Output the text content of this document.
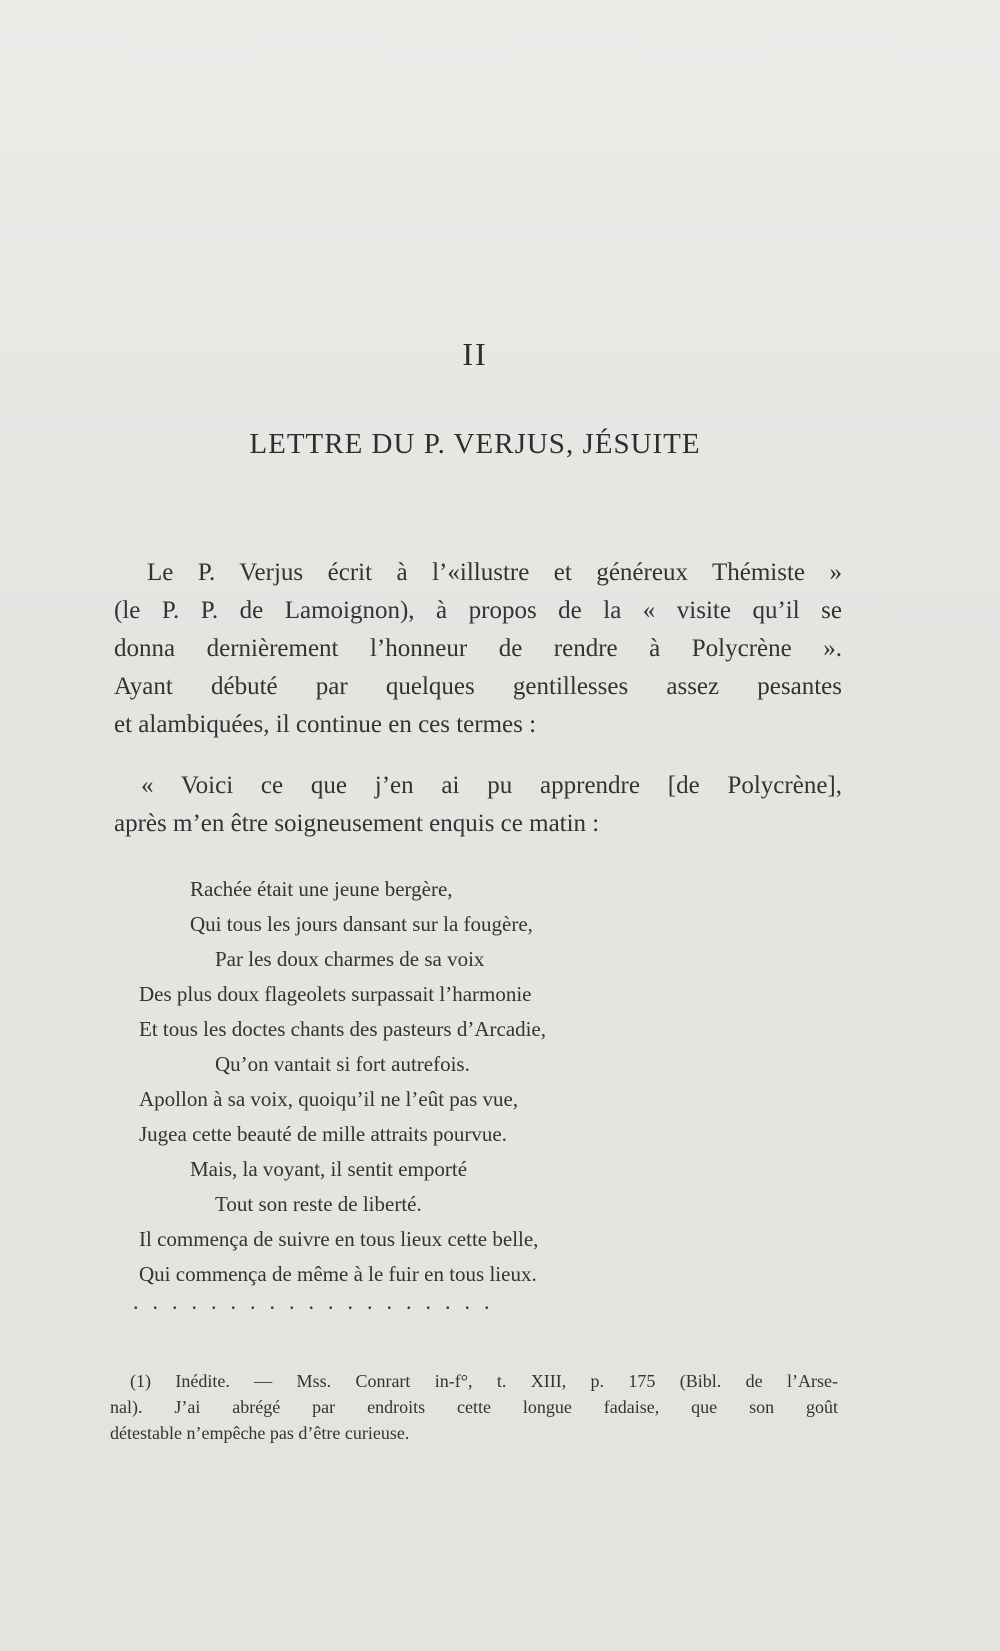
II
LETTRE DU P. VERJUS, JÉSUITE
Le P. Verjus écrit à l’«illustre et généreux Thémiste »
(le P. P. de Lamoignon), à propos de la « visite qu’il se
donna dernièrement l’honneur de rendre à Polycrène ».
Ayant débuté par quelques gentillesses assez pesantes
et alambiquées, il continue en ces termes :
« Voici ce que j’en ai pu apprendre [de Polycrène],
après m’en être soigneusement enquis ce matin :
Rachée était une jeune bergère,
Qui tous les jours dansant sur la fougère,
Par les doux charmes de sa voix
Des plus doux flageolets surpassait l’harmonie
Et tous les doctes chants des pasteurs d’Arcadie,
Qu’on vantait si fort autrefois.
Apollon à sa voix, quoiqu’il ne l’eût pas vue,
Jugea cette beauté de mille attraits pourvue.
Mais, la voyant, il sentit emporté
Tout son reste de liberté.
Il commença de suivre en tous lieux cette belle,
Qui commença de même à le fuir en tous lieux.
...................
(1) Inédite. — Mss. Conrart in-f°, t. XIII, p. 175 (Bibl. de l’Arse-
nal). J’ai abrégé par endroits cette longue fadaise, que son goût
détestable n’empêche pas d’être curieuse.
